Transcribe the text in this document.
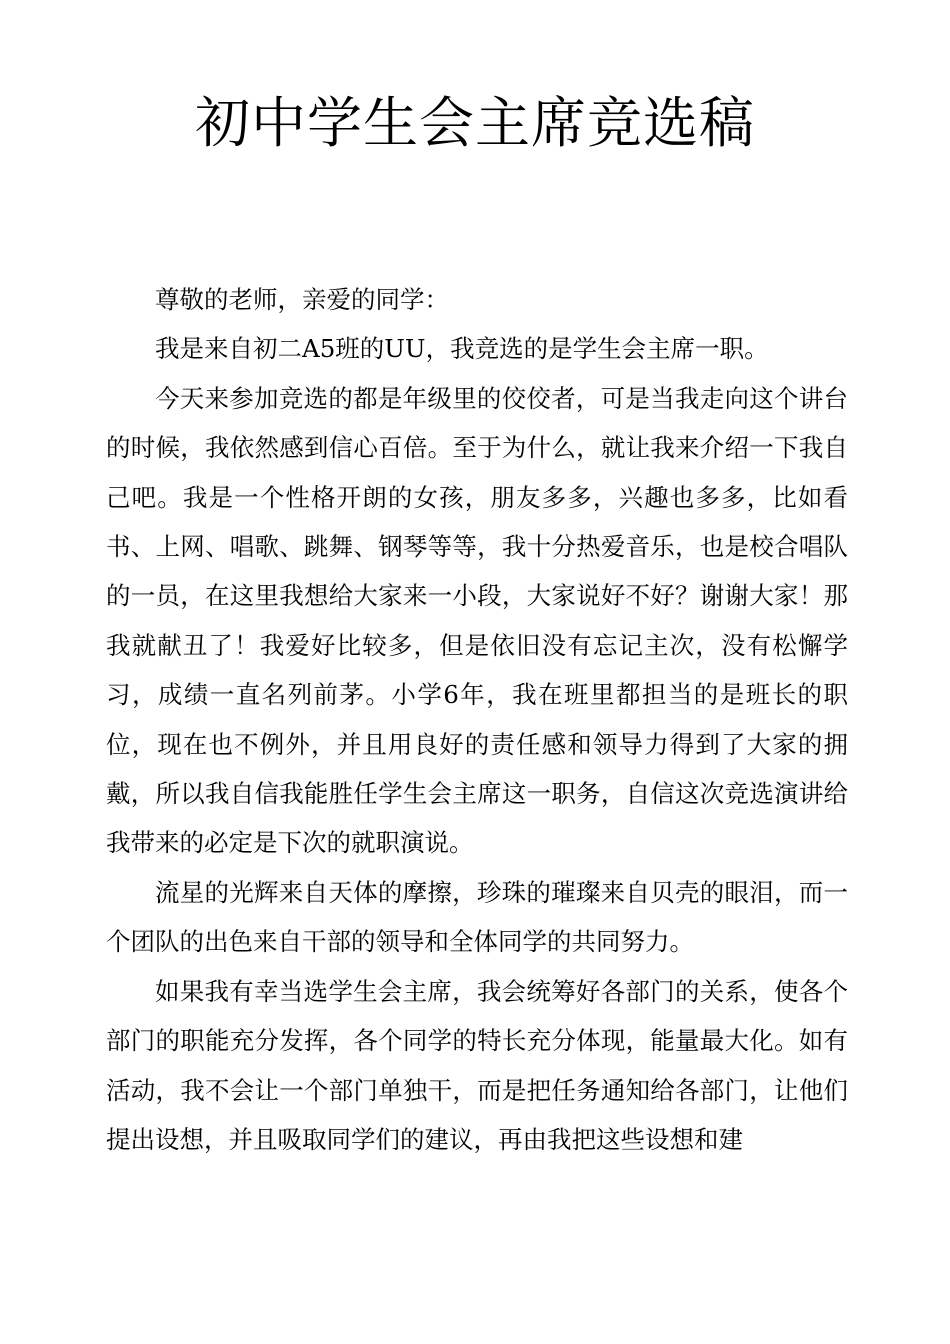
初中学生会主席竞选稿

尊敬的老师，亲爱的同学：

我是来自初二A5班的UU，我竞选的是学生会主席一职。

今天来参加竞选的都是年级里的佼佼者，可是当我走向这个讲台的时候，我依然感到信心百倍。至于为什么，就让我来介绍一下我自己吧。我是一个性格开朗的女孩，朋友多多，兴趣也多多，比如看书、上网、唱歌、跳舞、钢琴等等，我十分热爱音乐，也是校合唱队的一员，在这里我想给大家来一小段，大家说好不好？谢谢大家！那我就献丑了！我爱好比较多，但是依旧没有忘记主次，没有松懈学习，成绩一直名列前茅。小学6年，我在班里都担当的是班长的职位，现在也不例外，并且用良好的责任感和领导力得到了大家的拥戴，所以我自信我能胜任学生会主席这一职务，自信这次竞选演讲给我带来的必定是下次的就职演说。

流星的光辉来自天体的摩擦，珍珠的璀璨来自贝壳的眼泪，而一个团队的出色来自干部的领导和全体同学的共同努力。

如果我有幸当选学生会主席，我会统筹好各部门的关系，使各个部门的职能充分发挥，各个同学的特长充分体现，能量最大化。如有活动，我不会让一个部门单独干，而是把任务通知给各部门，让他们提出设想，并且吸取同学们的建议，再由我把这些设想和建
